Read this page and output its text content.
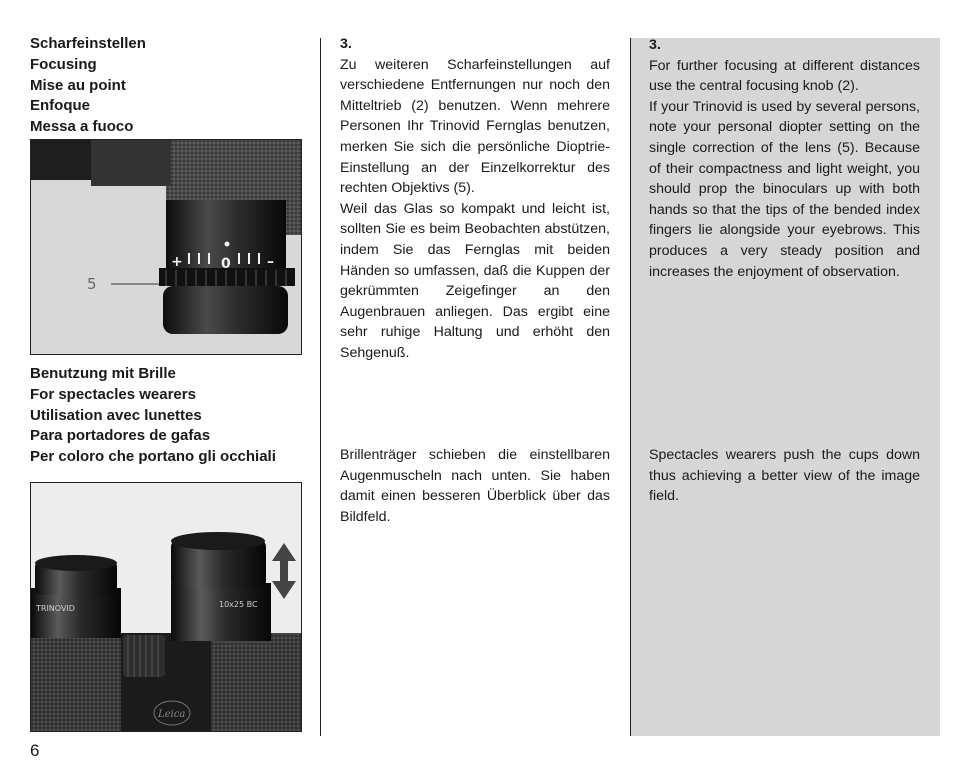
Scharfeinstellen
Focusing
Mise au point
Enfoque
Messa a fuoco
+	0	–
5
Benutzung mit Brille
For spectacles wearers
Utilisation avec lunettes
Para portadores de gafas
Per coloro che portano gli occhiali
TRINOVID	10x25 BC
Leica
3.

Zu weiteren Scharfeinstellungen auf verschiedene Entfernungen nur noch den Mitteltrieb (2) benutzen. Wenn mehrere Personen Ihr Trinovid Fernglas benutzen, merken Sie sich die persönliche Dioptrie-Einstellung an der Einzelkorrektur des rechten Objektivs (5).

Weil das Glas so kompakt und leicht ist, sollten Sie es beim Beobachten abstützen, indem Sie das Fernglas mit beiden Händen so umfassen, daß die Kuppen der gekrümmten Zeigefinger an den Augenbrauen anliegen. Das ergibt eine sehr ruhige Haltung und erhöht den Sehgenuß.

Brillenträger schieben die einstellbaren Augenmuscheln nach unten. Sie haben damit einen besseren Überblick über das Bildfeld.

3.

For further focusing at different distances use the central focusing knob (2).

If your Trinovid is used by several persons, note your personal diopter setting on the single correction of the lens (5). Because of their compactness and light weight, you should prop the binoculars up with both hands so that the tips of the bended index fingers lie alongside your eyebrows. This produces a very steady position and increases the enjoyment of observation.

Spectacles wearers push the cups down thus achieving a better view of the image field.

6
